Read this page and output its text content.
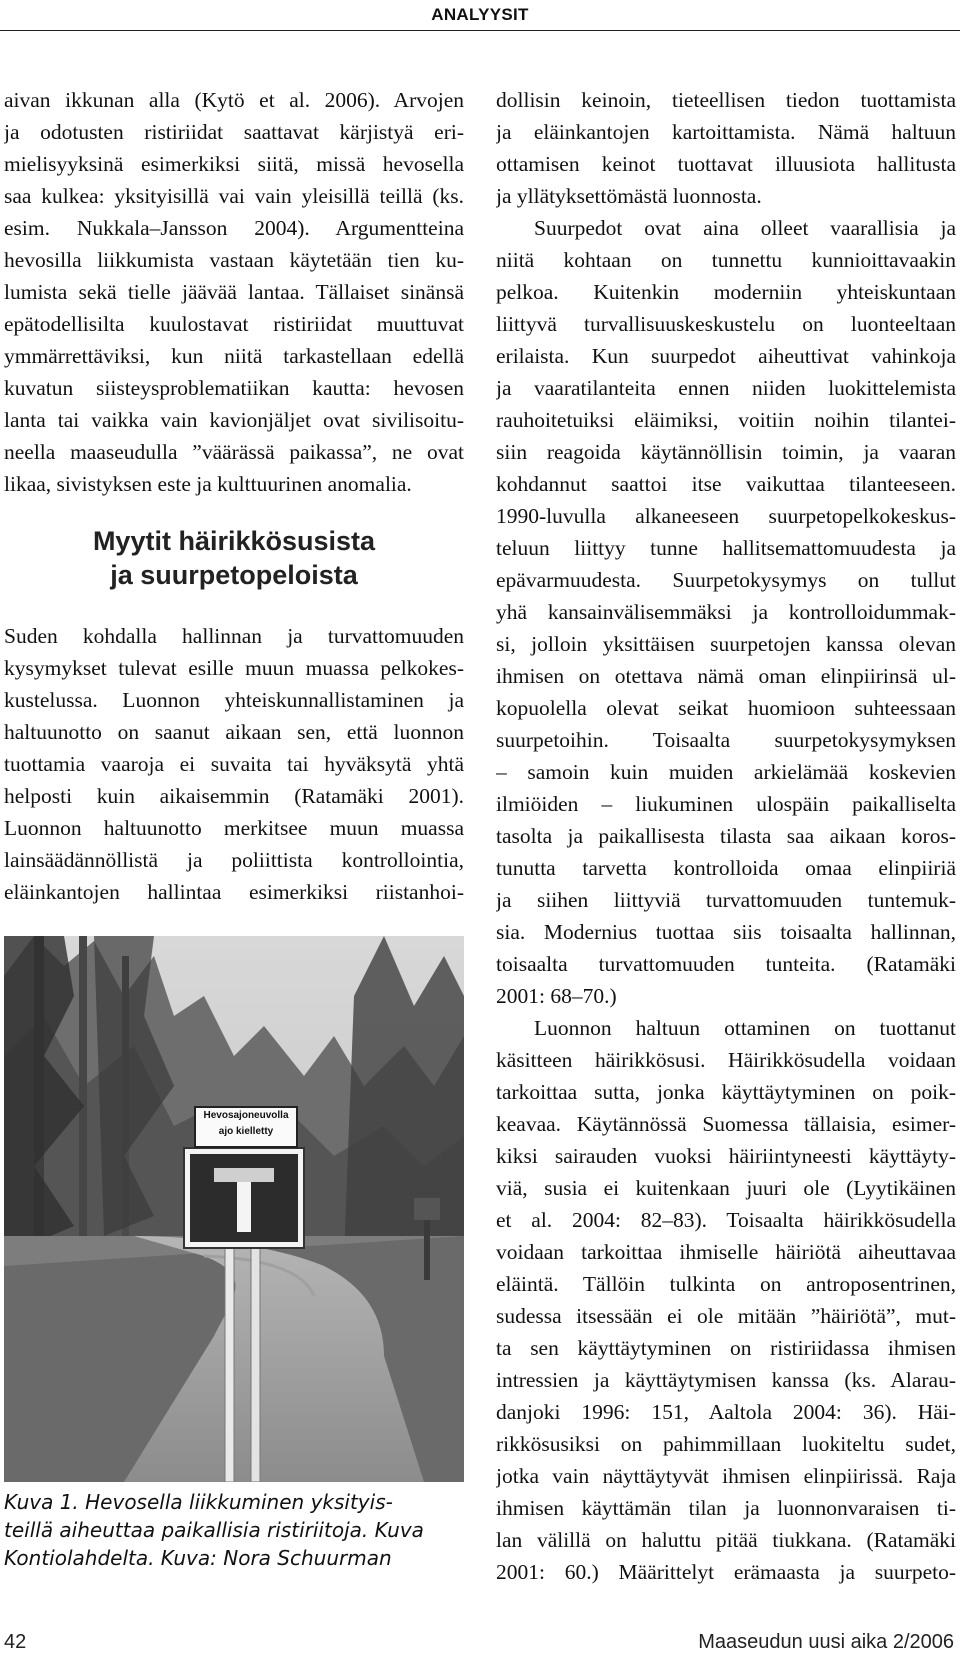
ANALYYSIT

aivan ikkunan alla (Kytö et al. 2006). Arvojen

ja odotusten ristiriidat saattavat kärjistyä eri-

mielisyyksinä esimerkiksi siitä, missä hevosella

saa kulkea: yksityisillä vai vain yleisillä teillä (ks.

esim. Nukkala–Jansson 2004). Argumentteina

hevosilla liikkumista vastaan käytetään tien ku-

lumista sekä tielle jäävää lantaa. Tällaiset sinänsä

epätodellisilta kuulostavat ristiriidat muuttuvat

ymmärrettäviksi, kun niitä tarkastellaan edellä

kuvatun siisteysproblematiikan kautta: hevosen

lanta tai vaikka vain kavionjäljet ovat sivilisoitu-

neella maaseudulla ”väärässä paikassa”, ne ovat

likaa, sivistyksen este ja kulttuurinen anomalia.

Myytit häirikkösusista
ja suurpetopeloista

Suden kohdalla hallinnan ja turvattomuuden

kysymykset tulevat esille muun muassa pelkokes-

kustelussa. Luonnon yhteiskunnallistaminen ja

haltuunotto on saanut aikaan sen, että luonnon

tuottamia vaaroja ei suvaita tai hyväksytä yhtä

helposti kuin aikaisemmin (Ratamäki 2001).

Luonnon haltuunotto merkitsee muun muassa

lainsäädännöllistä ja poliittista kontrollointia,

eläinkantojen hallintaa esimerkiksi riistanhoi-

Hevosajoneuvolla
ajo kielletty
Kuva 1. Hevosella liikkuminen yksityis-
teillä aiheuttaa paikallisia ristiriitoja. Kuva
Kontiolahdelta. Kuva: Nora Schuurman

dollisin keinoin, tieteellisen tiedon tuottamista

ja eläinkantojen kartoittamista. Nämä haltuun

ottamisen keinot tuottavat illuusiota hallitusta

ja yllätyksettömästä luonnosta.

Suurpedot ovat aina olleet vaarallisia ja

niitä kohtaan on tunnettu kunnioittavaakin

pelkoa. Kuitenkin moderniin yhteiskuntaan

liittyvä turvallisuuskeskustelu on luonteeltaan

erilaista. Kun suurpedot aiheuttivat vahinkoja

ja vaaratilanteita ennen niiden luokittelemista

rauhoitetuiksi eläimiksi, voitiin noihin tilantei-

siin reagoida käytännöllisin toimin, ja vaaran

kohdannut saattoi itse vaikuttaa tilanteeseen.

1990-luvulla alkaneeseen suurpetopelkokeskus-

teluun liittyy tunne hallitsemattomuudesta ja

epävarmuudesta. Suurpetokysymys on tullut

yhä kansainvälisemmäksi ja kontrolloidummak-

si, jolloin yksittäisen suurpetojen kanssa olevan

ihmisen on otettava nämä oman elinpiirinsä ul-

kopuolella olevat seikat huomioon suhteessaan

suurpetoihin. Toisaalta suurpetokysymyksen

– samoin kuin muiden arkielämää koskevien

ilmiöiden – liukuminen ulospäin paikalliselta

tasolta ja paikallisesta tilasta saa aikaan koros-

tunutta tarvetta kontrolloida omaa elinpiiriä

ja siihen liittyviä turvattomuuden tuntemuk-

sia. Modernius tuottaa siis toisaalta hallinnan,

toisaalta turvattomuuden tunteita. (Ratamäki

2001: 68–70.)

Luonnon haltuun ottaminen on tuottanut

käsitteen häirikkösusi. Häirikkösudella voidaan

tarkoittaa sutta, jonka käyttäytyminen on poik-

keavaa. Käytännössä Suomessa tällaisia, esimer-

kiksi sairauden vuoksi häiriintyneesti käyttäyty-

viä, susia ei kuitenkaan juuri ole (Lyytikäinen

et al. 2004: 82–83). Toisaalta häirikkösudella

voidaan tarkoittaa ihmiselle häiriötä aiheuttavaa

eläintä. Tällöin tulkinta on antroposentrinen,

sudessa itsessään ei ole mitään ”häiriötä”, mut-

ta sen käyttäytyminen on ristiriidassa ihmisen

intressien ja käyttäytymisen kanssa (ks. Alarau-

danjoki 1996: 151, Aaltola 2004: 36). Häi-

rikkösusiksi on pahimmillaan luokiteltu sudet,

jotka vain näyttäytyvät ihmisen elinpiirissä. Raja

ihmisen käyttämän tilan ja luonnonvaraisen ti-

lan välillä on haluttu pitää tiukkana. (Ratamäki

2001: 60.) Määrittelyt erämaasta ja suurpeto-

42	Maaseudun uusi aika 2/2006
